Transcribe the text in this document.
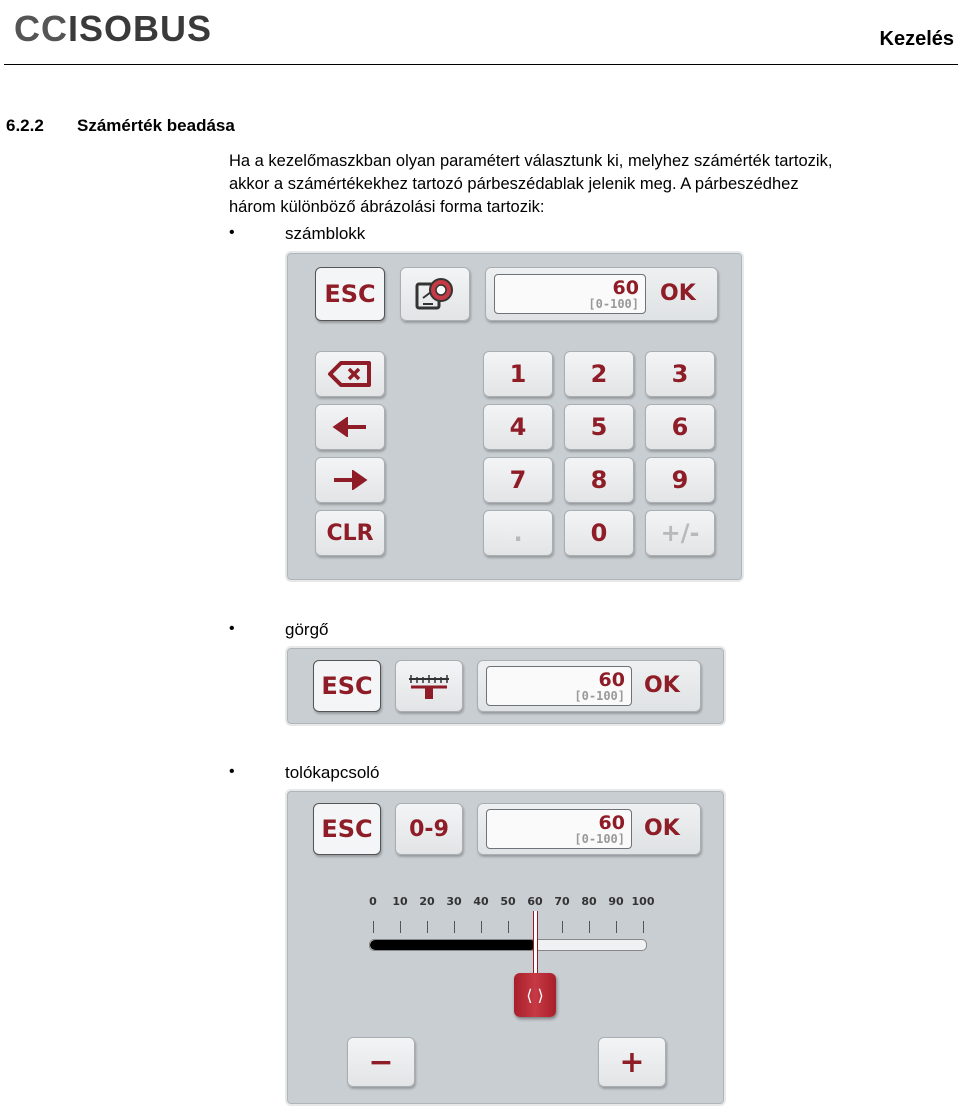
CCISOBUS	Kezelés
6.2.2 Számérték beadása
Ha a kezelőmaszkban olyan paramétert választunk ki, melyhez számérték tartozik,
akkor a számértékekhez tartozó párbeszédablak jelenik meg. A párbeszédhez
három különböző ábrázolási forma tartozik:
•	számblokk
•	görgő
•	tolókapcsoló
ESC	60
[0-100] OK
CLR
1	2	3
4	5	6
7	8	9
.	0	+/-
ESC	60
[0-100] OK
ESC	0-9	60
[0-100] OK
0 10 20 30 40 50 60 70 80 90 100
⟨ ⟩
−	+
